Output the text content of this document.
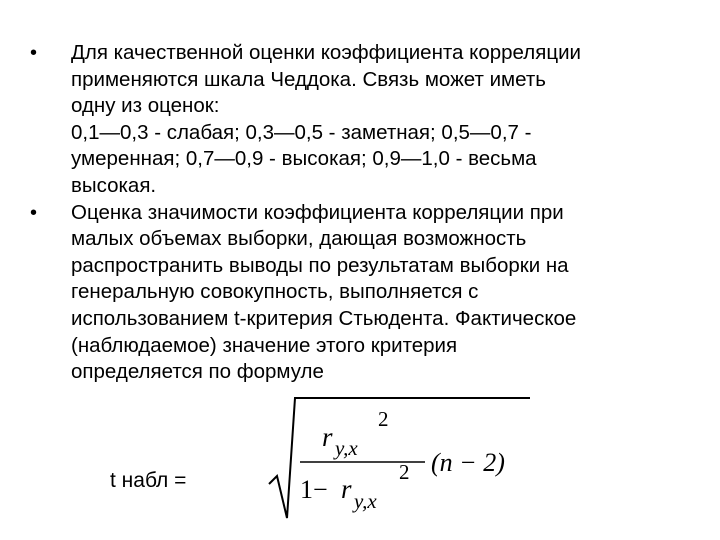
• Для качественной оценки коэффициента корреляции
применяются шкала Чеддока. Связь может иметь
одну из оценок:
0,1—0,3 - слабая; 0,3—0,5 - заметная; 0,5—0,7 -
умеренная; 0,7—0,9 - высокая; 0,9—1,0 - весьма
высокая.
• Оценка значимости коэффициента корреляции при
малых объемах выборки, дающая возможность
распространить выводы по результатам выборки на
генеральную совокупность, выполняется с
использованием t-критерия Стьюдента. Фактическое
(наблюдаемое) значение этого критерия
определяется по формуле
t набл =
r y,x
2
1− r y,x
2 (n − 2)
